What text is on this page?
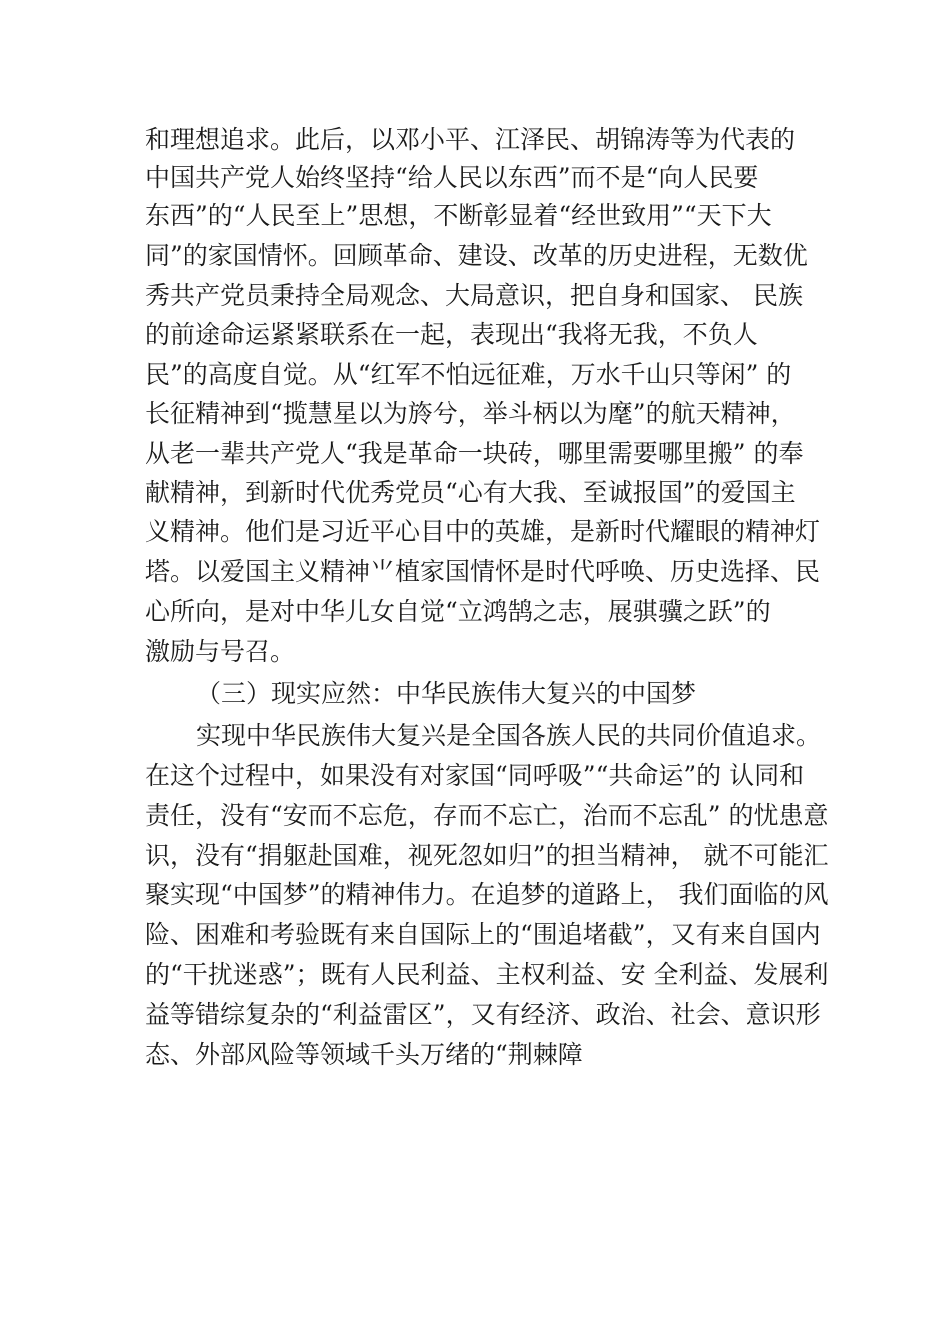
和理想追求。此后，以邓小平、江泽民、胡锦涛等为代表的
中国共产党人始终坚持“给人民以东西”而不是“向人民要
东西”的“人民至上”思想，不断彰显着“经世致用”“天下大
同”的家国情怀。回顾革命、建设、改革的历史进程，无数优
秀共产党员秉持全局观念、大局意识，把自身和国家、 民族
的前途命运紧紧联系在一起，表现出“我将无我，不负人
民”的高度自觉。从“红军不怕远征难，万水千山只等闲” 的
长征精神到“揽慧星以为旍兮，举斗柄以为麾”的航天精神，
从老一辈共产党人“我是革命一块砖，哪里需要哪里搬” 的奉
献精神，到新时代优秀党员“心有大我、至诚报国”的爱国主
义精神。他们是习近平心目中的英雄，是新时代耀眼的精神灯
塔。以爱国主义精神⺌植家国情怀是时代呼唤、历史选择、民
心所向，是对中华儿女自觉“立鸿鹄之志，展骐骥之跃”的
激励与号召。
（三）现实应然：中华民族伟大复兴的中国梦
实现中华民族伟大复兴是全国各族人民的共同价值追求。
在这个过程中，如果没有对家国“同呼吸”“共命运”的 认同和
责任，没有“安而不忘危，存而不忘亡，治而不忘乱” 的忧患意
识，没有“捐躯赴国难，视死忽如归”的担当精神， 就不可能汇
聚实现“中国梦”的精神伟力。在追梦的道路上， 我们面临的风
险、困难和考验既有来自国际上的“围追堵截”，又有来自国内
的“干扰迷惑”；既有人民利益、主权利益、安 全利益、发展利
益等错综复杂的“利益雷区”，又有经济、政治、社会、意识形
态、外部风险等领域千头万绪的“荆棘障
